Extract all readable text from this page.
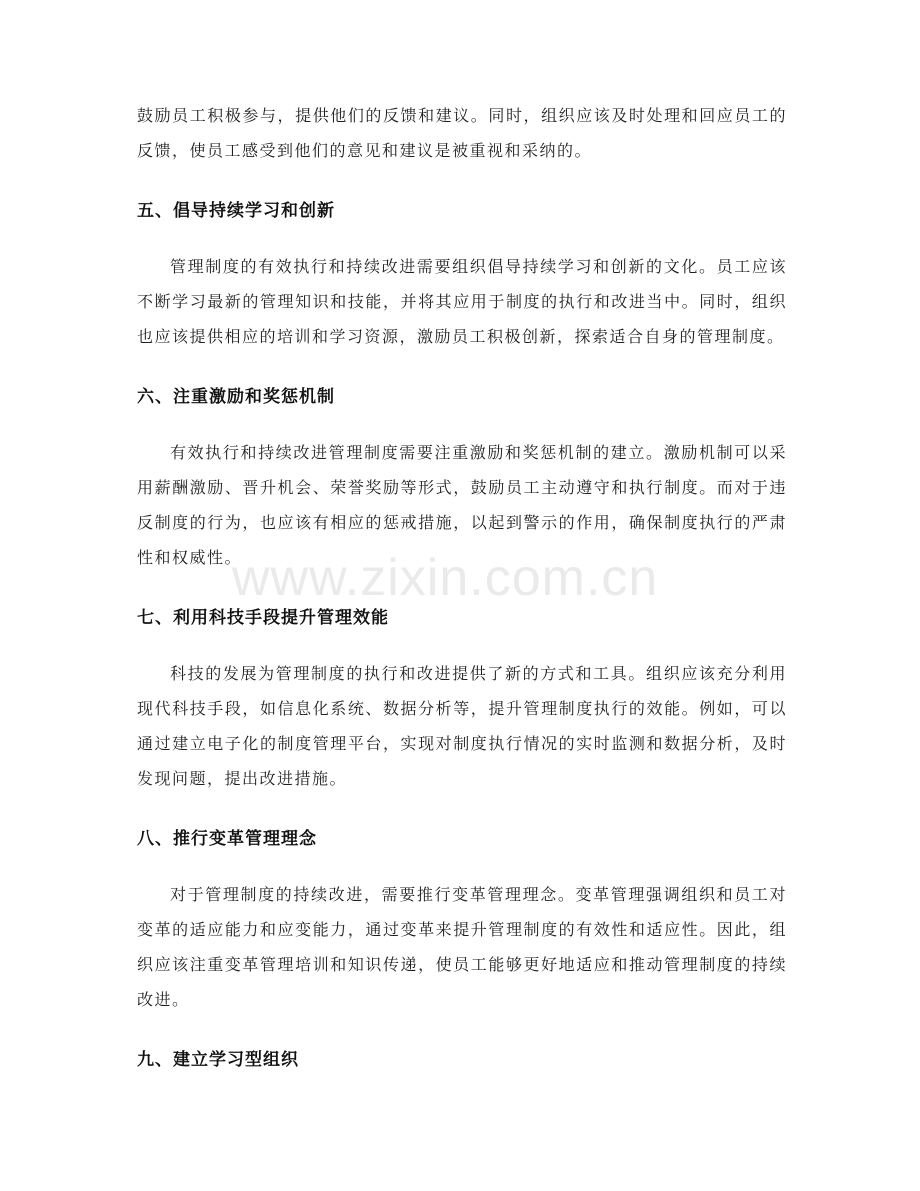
鼓励员工积极参与，提供他们的反馈和建议。同时，组织应该及时处理和回应员工的反馈，使员工感受到他们的意见和建议是被重视和采纳的。

五、倡导持续学习和创新

管理制度的有效执行和持续改进需要组织倡导持续学习和创新的文化。员工应该不断学习最新的管理知识和技能，并将其应用于制度的执行和改进当中。同时，组织也应该提供相应的培训和学习资源，激励员工积极创新，探索适合自身的管理制度。

六、注重激励和奖惩机制

有效执行和持续改进管理制度需要注重激励和奖惩机制的建立。激励机制可以采用薪酬激励、晋升机会、荣誉奖励等形式，鼓励员工主动遵守和执行制度。而对于违反制度的行为，也应该有相应的惩戒措施，以起到警示的作用，确保制度执行的严肃性和权威性。

七、利用科技手段提升管理效能

科技的发展为管理制度的执行和改进提供了新的方式和工具。组织应该充分利用现代科技手段，如信息化系统、数据分析等，提升管理制度执行的效能。例如，可以通过建立电子化的制度管理平台，实现对制度执行情况的实时监测和数据分析，及时发现问题，提出改进措施。

八、推行变革管理理念

对于管理制度的持续改进，需要推行变革管理理念。变革管理强调组织和员工对变革的适应能力和应变能力，通过变革来提升管理制度的有效性和适应性。因此，组织应该注重变革管理培训和知识传递，使员工能够更好地适应和推动管理制度的持续改进。

九、建立学习型组织
www.zixin.com.cn
